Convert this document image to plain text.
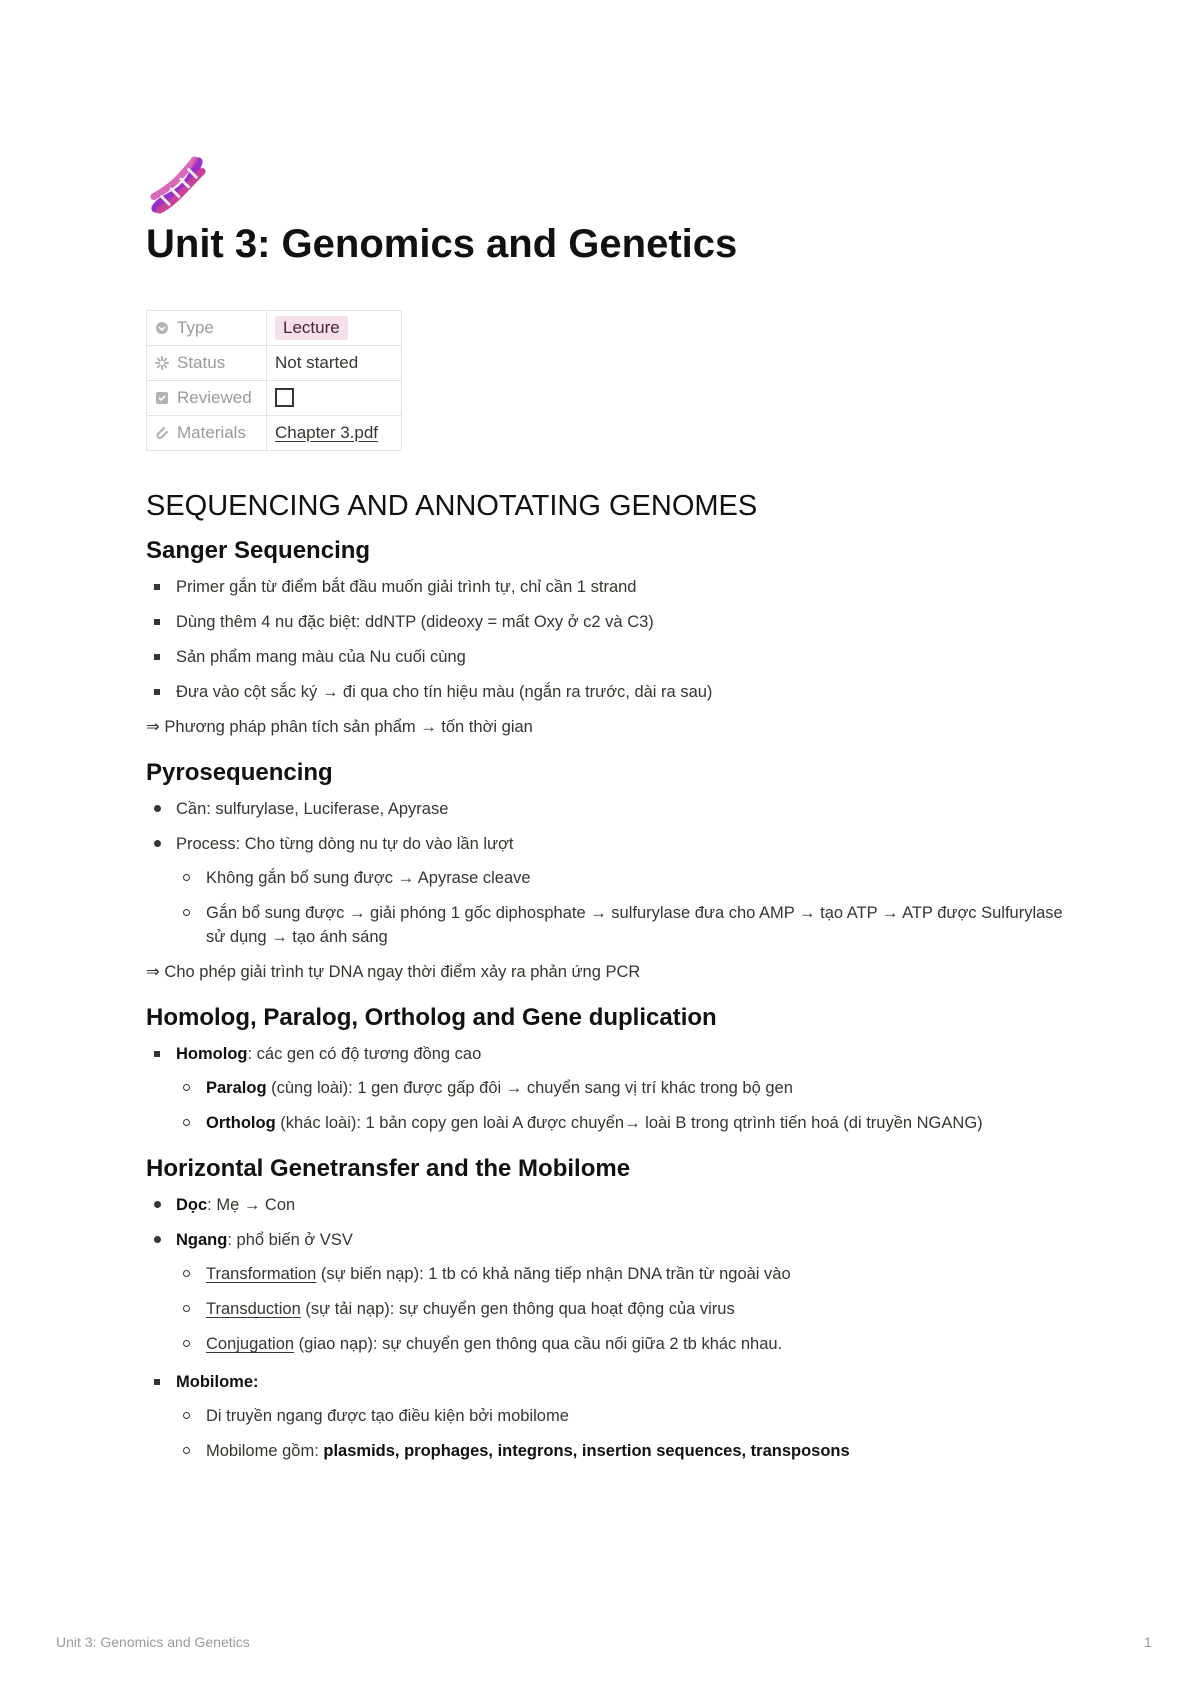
Unit 3: Genomics and Genetics
Type	Lecture
Status	Not started
Reviewed	
Materials	Chapter 3.pdf
SEQUENCING AND ANNOTATING GENOMES
Sanger Sequencing
Primer gắn từ điểm bắt đầu muốn giải trình tự, chỉ cần 1 strand
Dùng thêm 4 nu đặc biệt: ddNTP (dideoxy = mất Oxy ở c2 và C3)
Sản phẩm mang màu của Nu cuối cùng
Đưa vào cột sắc ký → đi qua cho tín hiệu màu (ngắn ra trước, dài ra sau)

⇒ Phương pháp phân tích sản phẩm → tốn thời gian

Pyrosequencing
Cần: sulfurylase, Luciferase, Apyrase
Process: Cho từng dòng nu tự do vào lần lượt
Không gắn bổ sung được → Apyrase cleave
Gắn bổ sung được → giải phóng 1 gốc diphosphate → sulfurylase đưa cho AMP → tạo ATP → ATP được Sulfurylase sử dụng → tạo ánh sáng

⇒ Cho phép giải trình tự DNA ngay thời điểm xảy ra phản ứng PCR

Homolog, Paralog, Ortholog and Gene duplication
Homolog: các gen có độ tương đồng cao
Paralog (cùng loài): 1 gen được gấp đôi → chuyển sang vị trí khác trong bộ gen
Ortholog (khác loài): 1 bản copy gen loài A được chuyển→ loài B trong qtrình tiến hoá (di truyền NGANG)
Horizontal Genetransfer and the Mobilome
Dọc: Mẹ → Con
Ngang: phổ biến ở VSV
Transformation (sự biến nạp): 1 tb có khả năng tiếp nhận DNA trần từ ngoài vào
Transduction (sự tải nạp): sự chuyển gen thông qua hoạt động của virus
Conjugation (giao nạp): sự chuyển gen thông qua cầu nối giữa 2 tb khác nhau.
Mobilome:
Di truyền ngang được tạo điều kiện bởi mobilome
Mobilome gồm: plasmids, prophages, integrons, insertion sequences, transposons
Unit 3: Genomics and Genetics	1
